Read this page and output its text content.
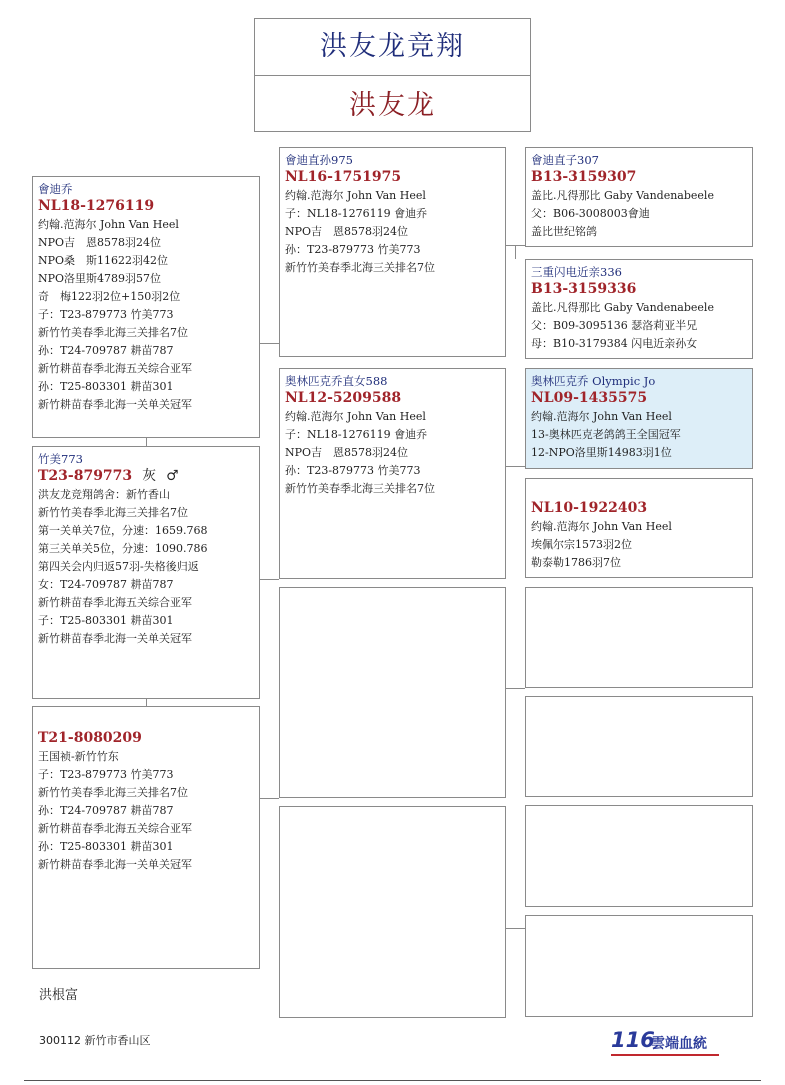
洪友龙竞翔
洪友龙
會迪乔
NL18-1276119
约翰.范海尔 John Van Heel
NPO吉　恩8578羽24位
NPO桑　斯11622羽42位
NPO洛里斯4789羽57位
奇　梅122羽2位+150羽2位
子：T23-879773 竹美773
新竹竹美春季北海三关排名7位
孙：T24-709787 耕苗787
新竹耕苗春季北海五关综合亚军
孙：T25-803301 耕苗301
新竹耕苗春季北海一关单关冠军
竹美773
T23-879773 灰 ♂
洪友龙竞翔鸽舍：新竹香山
新竹竹美春季北海三关排名7位
第一关单关7位，分速：1659.768
第三关单关5位，分速：1090.786
第四关会内归返57羽-失格後归返
女：T24-709787 耕苗787
新竹耕苗春季北海五关综合亚军
子：T25-803301 耕苗301
新竹耕苗春季北海一关单关冠军
T21-8080209
王国祯-新竹竹东
子：T23-879773 竹美773
新竹竹美春季北海三关排名7位
孙：T24-709787 耕苗787
新竹耕苗春季北海五关综合亚军
孙：T25-803301 耕苗301
新竹耕苗春季北海一关单关冠军
會迪直孙975
NL16-1751975
约翰.范海尔 John Van Heel
子：NL18-1276119 會迪乔
NPO吉　恩8578羽24位
孙：T23-879773 竹美773
新竹竹美春季北海三关排名7位
奥林匹克乔直女588
NL12-5209588
约翰.范海尔 John Van Heel
子：NL18-1276119 會迪乔
NPO吉　恩8578羽24位
孙：T23-879773 竹美773
新竹竹美春季北海三关排名7位
會迪直子307
B13-3159307
盖比.凡得那比 Gaby Vandenabeele
父：B06-3008003會迪
盖比世纪铭鸽
三重闪电近亲336
B13-3159336
盖比.凡得那比 Gaby Vandenabeele
父：B09-3095136 瑟洛莉亚半兄
母：B10-3179384 闪电近亲孙女
奥林匹克乔 Olympic Jo
NL09-1435575
约翰.范海尔 John Van Heel
13-奥林匹克老鸽鸽王全国冠军
12-NPO洛里斯14983羽1位
NL10-1922403
约翰.范海尔 John Van Heel
埃佩尔宗1573羽2位
勒泰勒1786羽7位
洪根富
300112 新竹市香山区	116
雲端血統
